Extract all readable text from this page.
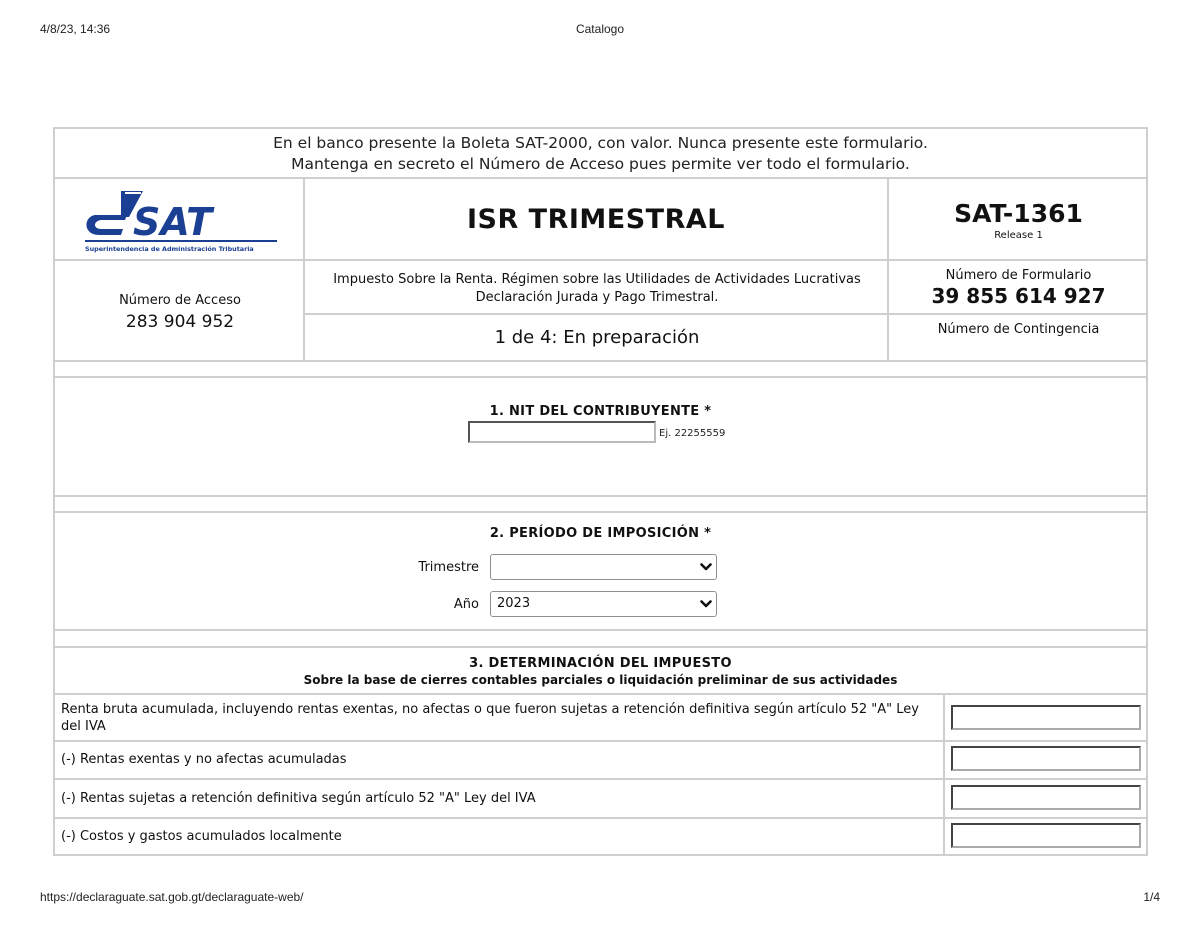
4/8/23, 14:36	Catalogo
En el banco presente la Boleta SAT-2000, con valor. Nunca presente este formulario.
Mantenga en secreto el Número de Acceso pues permite ver todo el formulario.
SAT
Superintendencia de Administración Tributaria
ISR TRIMESTRAL	SAT-1361
Release 1
Número de Acceso
283 904 952
Impuesto Sobre la Renta. Régimen sobre las Utilidades de Actividades Lucrativas
Declaración Jurada y Pago Trimestral.
1 de 4: En preparación
Número de Formulario
39 855 614 927
Número de Contingencia
1. NIT DEL CONTRIBUYENTE *
Ej. 22255559
2. PERÍODO DE IMPOSICIÓN *
Trimestre
Año	2023
3. DETERMINACIÓN DEL IMPUESTO
Sobre la base de cierres contables parciales o liquidación preliminar de sus actividades
Renta bruta acumulada, incluyendo rentas exentas, no afectas o que fueron sujetas a retención definitiva según artículo 52 "A" Ley del IVA
(-) Rentas exentas y no afectas acumuladas
(-) Rentas sujetas a retención definitiva según artículo 52 "A" Ley del IVA
(-) Costos y gastos acumulados localmente
https://declaraguate.sat.gob.gt/declaraguate-web/	1/4
